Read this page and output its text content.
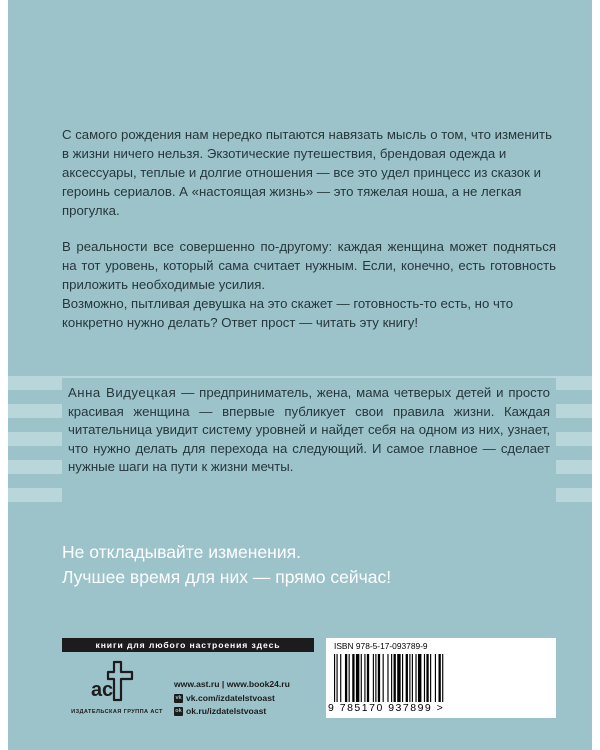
С самого рождения нам нередко пытаются навязать мысль о том, что изменить в жизни ничего нельзя. Экзотические путешествия, брендовая одежда и аксессуары, теплые и долгие отношения — все это удел принцесс из сказок и героинь сериалов. А «настоящая жизнь» — это тяжелая ноша, а не легкая прогулка.

В реальности все совершенно по-другому: каждая женщина может подняться на тот уровень, который сама считает нужным. Если, конечно, есть готовность приложить необходимые усилия.

Возможно, пытливая девушка на это скажет — готовность-то есть, но что конкретно нужно делать? Ответ прост — читать эту книгу!

Анна Видуецкая — предприниматель, жена, мама четверых детей и просто красивая женщина — впервые публикует свои правила жизни. Каждая читательница увидит систему уровней и найдет себя на одном из них, узнает, что нужно делать для перехода на следующий. И самое главное — сделает нужные шаги на пути к жизни мечты.

Не откладывайте изменения.
Лучшее время для них — прямо сейчас!
книги для любого настроения здесь
a c
ИЗДАТЕЛЬСКАЯ ГРУППА АСТ
www.ast.ru | www.book24.ru
vk vk.com/izdatelstvoast
ok ok.ru/izdatelstvoast
ISBN 978-5-17-093789-9
9 785170 937899 >
